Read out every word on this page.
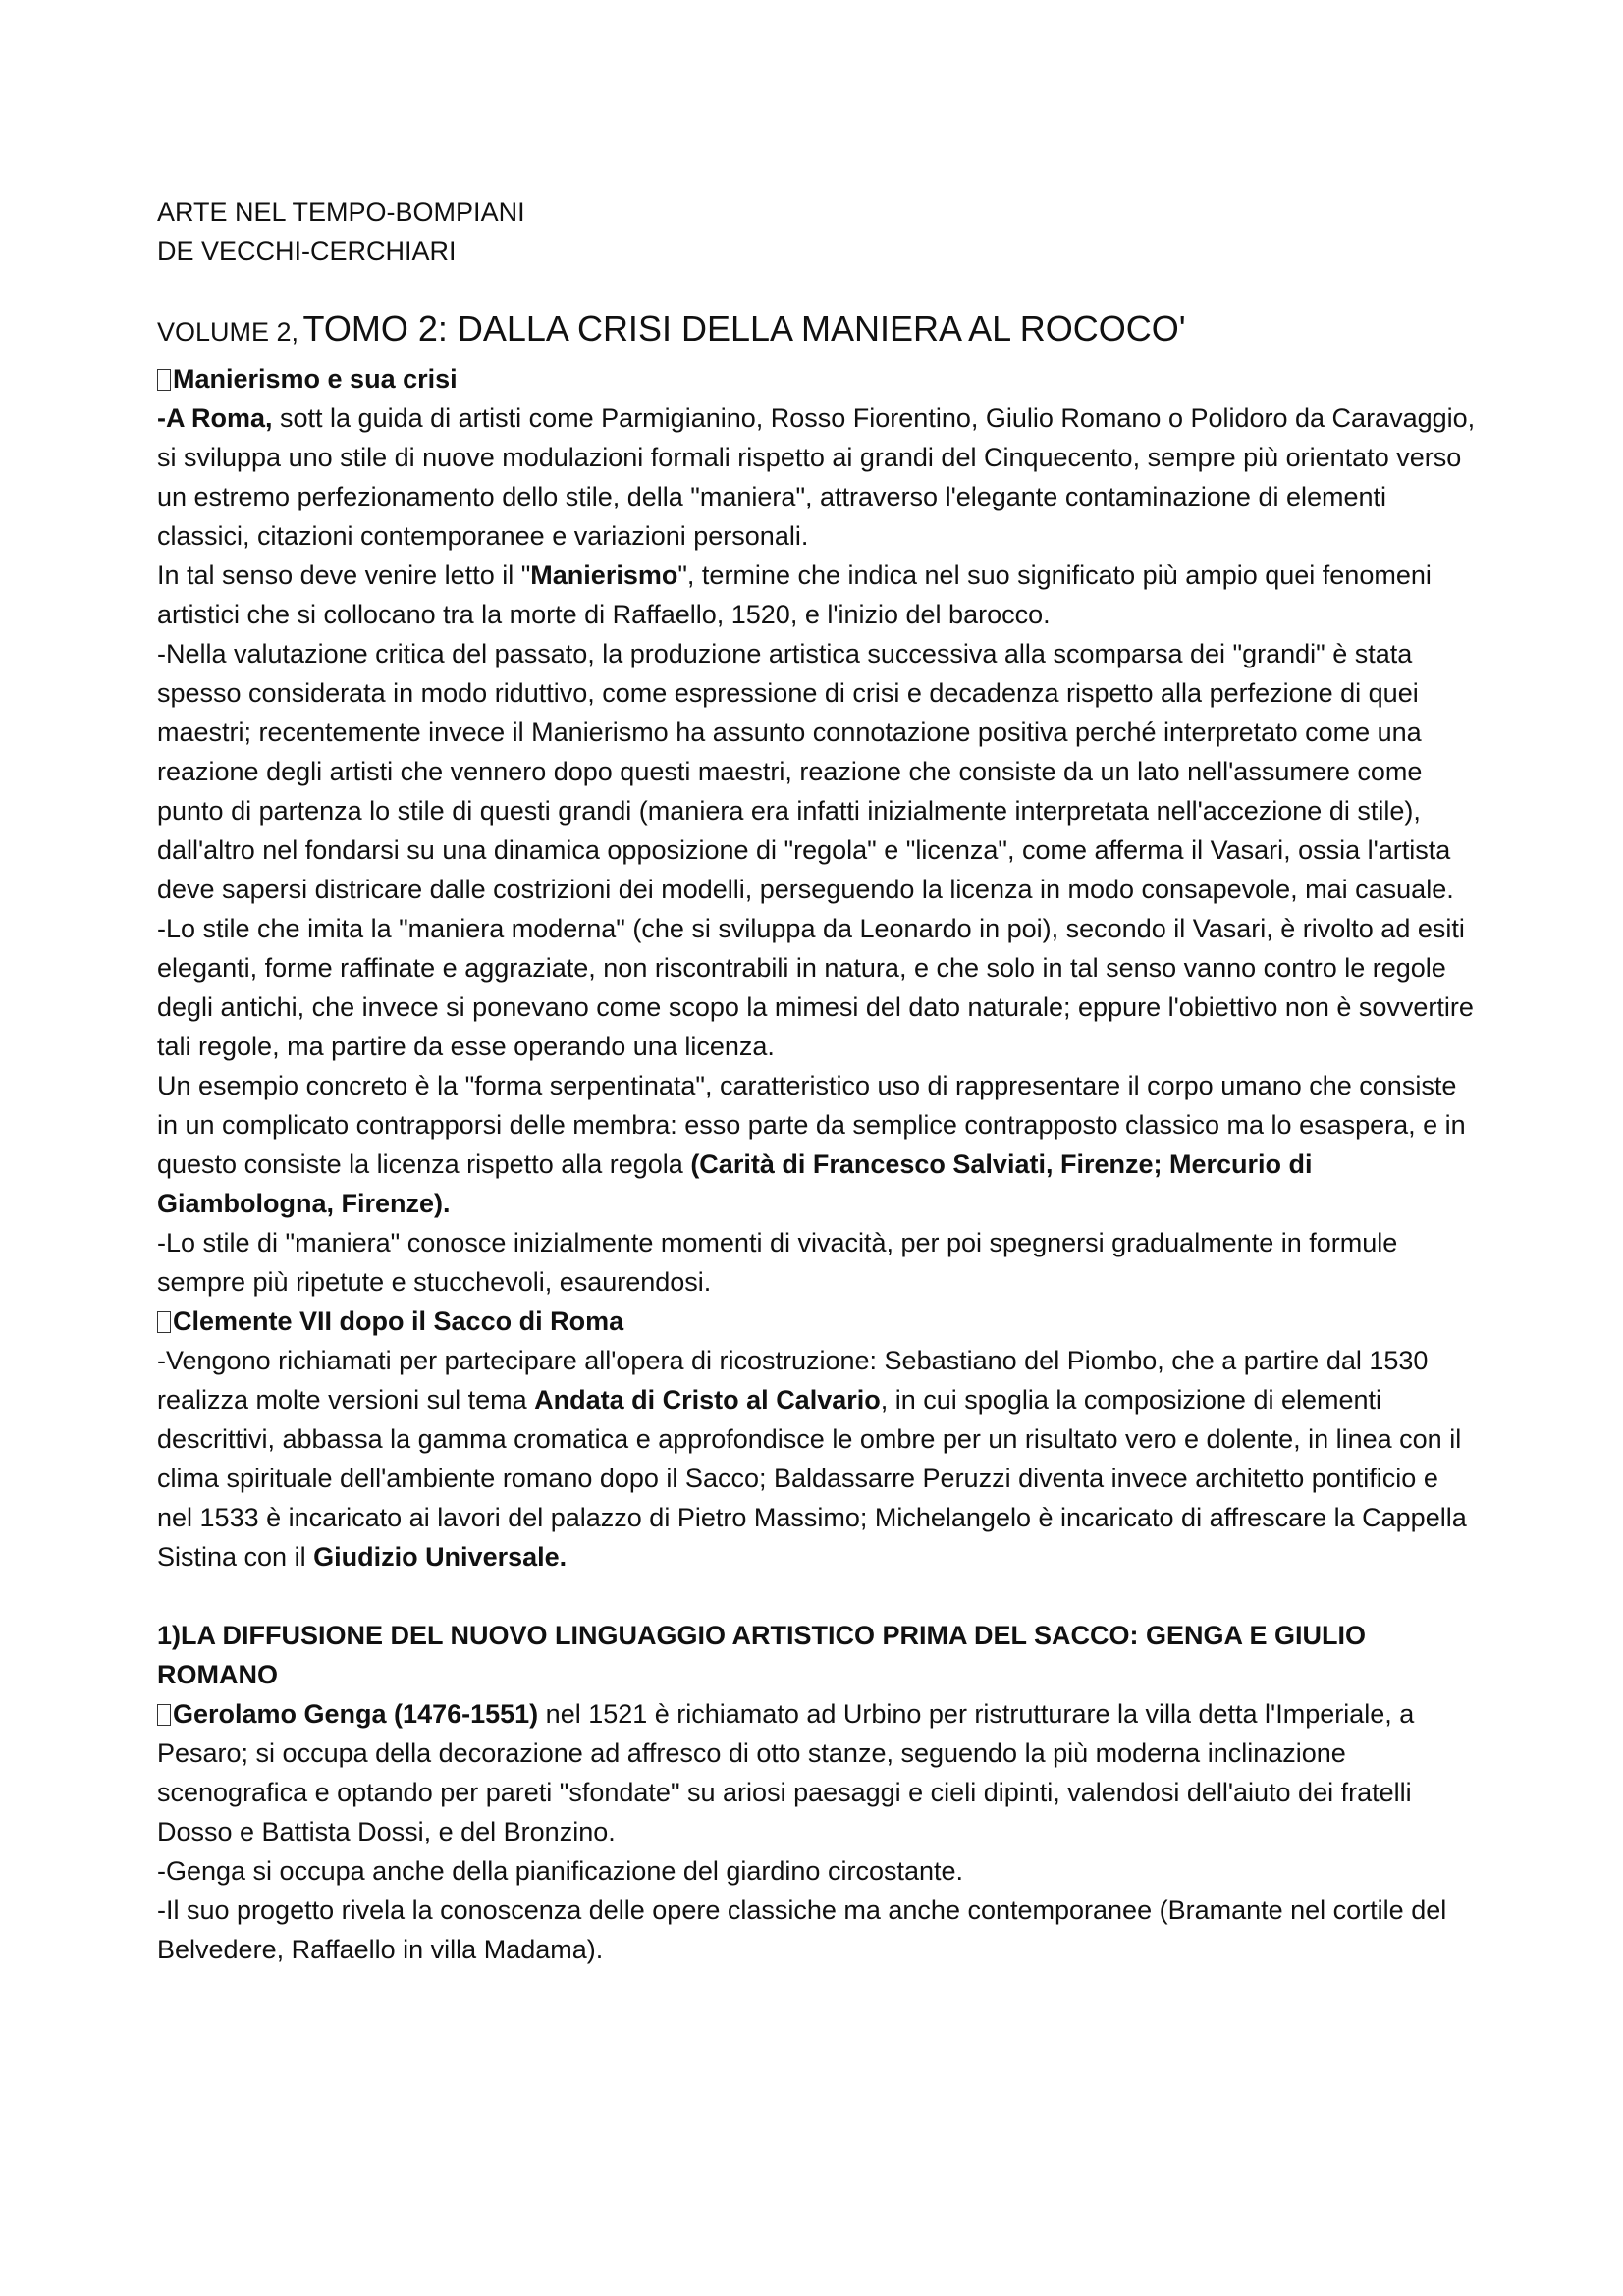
ARTE NEL TEMPO-BOMPIANI

DE VECCHI-CERCHIARI

VOLUME 2, TOMO 2: DALLA CRISI DELLA MANIERA AL ROCOCO'

Manierismo e sua crisi

-A Roma, sott la guida di artisti come Parmigianino, Rosso Fiorentino, Giulio Romano o Polidoro da Caravaggio, si sviluppa uno stile di nuove modulazioni formali rispetto ai grandi del Cinquecento, sempre più orientato verso un estremo perfezionamento dello stile, della "maniera", attraverso l'elegante contaminazione di elementi classici, citazioni contemporanee e variazioni personali.

In tal senso deve venire letto il "Manierismo", termine che indica nel suo significato più ampio quei fenomeni artistici che si collocano tra la morte di Raffaello, 1520, e l'inizio del barocco.

-Nella valutazione critica del passato, la produzione artistica successiva alla scomparsa dei "grandi" è stata spesso considerata in modo riduttivo, come espressione di crisi e decadenza rispetto alla perfezione di quei maestri; recentemente invece il Manierismo ha assunto connotazione positiva perché interpretato come una reazione degli artisti che vennero dopo questi maestri, reazione che consiste da un lato nell'assumere come punto di partenza lo stile di questi grandi (maniera era infatti inizialmente interpretata nell'accezione di stile), dall'altro nel fondarsi su una dinamica opposizione di "regola" e "licenza", come afferma il Vasari, ossia l'artista deve sapersi districare dalle costrizioni dei modelli, perseguendo la licenza in modo consapevole, mai casuale.

-Lo stile che imita la "maniera moderna" (che si sviluppa da Leonardo in poi), secondo il Vasari, è rivolto ad esiti eleganti, forme raffinate e aggraziate, non riscontrabili in natura, e che solo in tal senso vanno contro le regole degli antichi, che invece si ponevano come scopo la mimesi del dato naturale; eppure l'obiettivo non è sovvertire tali regole, ma partire da esse operando una licenza.

Un esempio concreto è la "forma serpentinata", caratteristico uso di rappresentare il corpo umano che consiste in un complicato contrapporsi delle membra: esso parte da semplice contrapposto classico ma lo esaspera, e in questo consiste la licenza rispetto alla regola (Carità di Francesco Salviati, Firenze; Mercurio di Giambologna, Firenze).

-Lo stile di "maniera" conosce inizialmente momenti di vivacità, per poi spegnersi gradualmente in formule sempre più ripetute e stucchevoli, esaurendosi.

Clemente VII dopo il Sacco di Roma

-Vengono richiamati per partecipare all'opera di ricostruzione: Sebastiano del Piombo, che a partire dal 1530 realizza molte versioni sul tema Andata di Cristo al Calvario, in cui spoglia la composizione di elementi descrittivi, abbassa la gamma cromatica e approfondisce le ombre per un risultato vero e dolente, in linea con il clima spirituale dell'ambiente romano dopo il Sacco; Baldassarre Peruzzi diventa invece architetto pontificio e nel 1533 è incaricato ai lavori del palazzo di Pietro Massimo; Michelangelo è incaricato di affrescare la Cappella Sistina con il Giudizio Universale.

1)LA DIFFUSIONE DEL NUOVO LINGUAGGIO ARTISTICO PRIMA DEL SACCO: GENGA E GIULIO ROMANO

Gerolamo Genga (1476-1551) nel 1521 è richiamato ad Urbino per ristrutturare la villa detta l'Imperiale, a Pesaro; si occupa della decorazione ad affresco di otto stanze, seguendo la più moderna inclinazione scenografica e optando per pareti "sfondate" su ariosi paesaggi e cieli dipinti, valendosi dell'aiuto dei fratelli Dosso e Battista Dossi, e del Bronzino.

-Genga si occupa anche della pianificazione del giardino circostante.

-Il suo progetto rivela la conoscenza delle opere classiche ma anche contemporanee (Bramante nel cortile del Belvedere, Raffaello in villa Madama).
